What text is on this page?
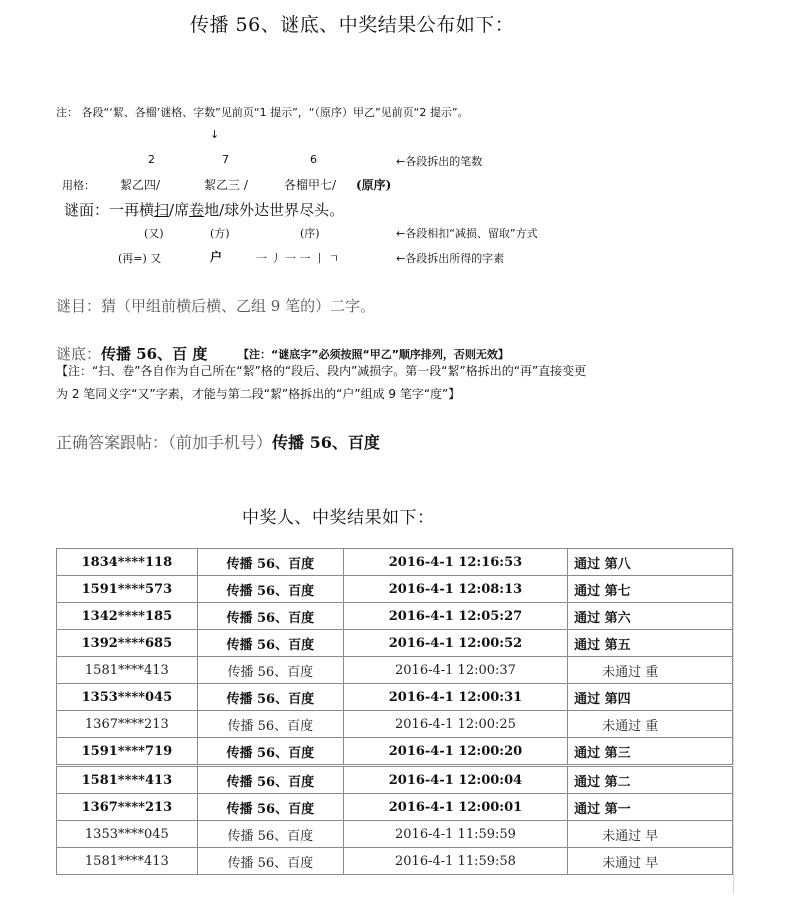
传播 56、谜底、中奖结果公布如下：
注： 各段“‘絜、各榴’谜格、字数”见前页“1 提示”，“（原序）甲乙”见前页“2 提示”。
↓
2	7	6	←各段拆出的笔数
用格： 絜乙四/	絜乙三 /	各榴甲七/ (原序)
谜面：一再横扫/席卷地/球外达世界尽头。
(又)	(方)	(序)	←各段相扣“减损、留取”方式
(再=) 又	户	一 丿 一 一 丨 ㄱ	←各段拆出所得的字素
谜目：猜（甲组前横后横、乙组 9 笔的）二字。
谜底：传播 56、百 度	【注：“谜底字”必须按照“甲乙”顺序排列，否则无效】
【注：“扫、卷”各自作为自己所在“絜”格的“段后、段内”减损字。第一段“絜”格拆出的“再”直接变更
为 2 笔同义字“又”字素，才能与第二段“絜”格拆出的“户”组成 9 笔字“度”】
正确答案跟帖：（前加手机号）传播 56、百度
中奖人、中奖结果如下：
1834****118	传播 56、百度	2016-4-1 12:16:53	通过 第八
1591****573	传播 56、百度	2016-4-1 12:08:13	通过 第七
1342****185	传播 56、百度	2016-4-1 12:05:27	通过 第六
1392****685	传播 56、百度	2016-4-1 12:00:52	通过 第五
1581****413	传播 56、百度	2016-4-1 12:00:37	未通过 重
1353****045	传播 56、百度	2016-4-1 12:00:31	通过 第四
1367****213	传播 56、百度	2016-4-1 12:00:25	未通过 重
1591****719	传播 56、百度	2016-4-1 12:00:20	通过 第三
1581****413	传播 56、百度	2016-4-1 12:00:04	通过 第二
1367****213	传播 56、百度	2016-4-1 12:00:01	通过 第一
1353****045	传播 56、百度	2016-4-1 11:59:59	未通过 早
1581****413	传播 56、百度	2016-4-1 11:59:58	未通过 早
